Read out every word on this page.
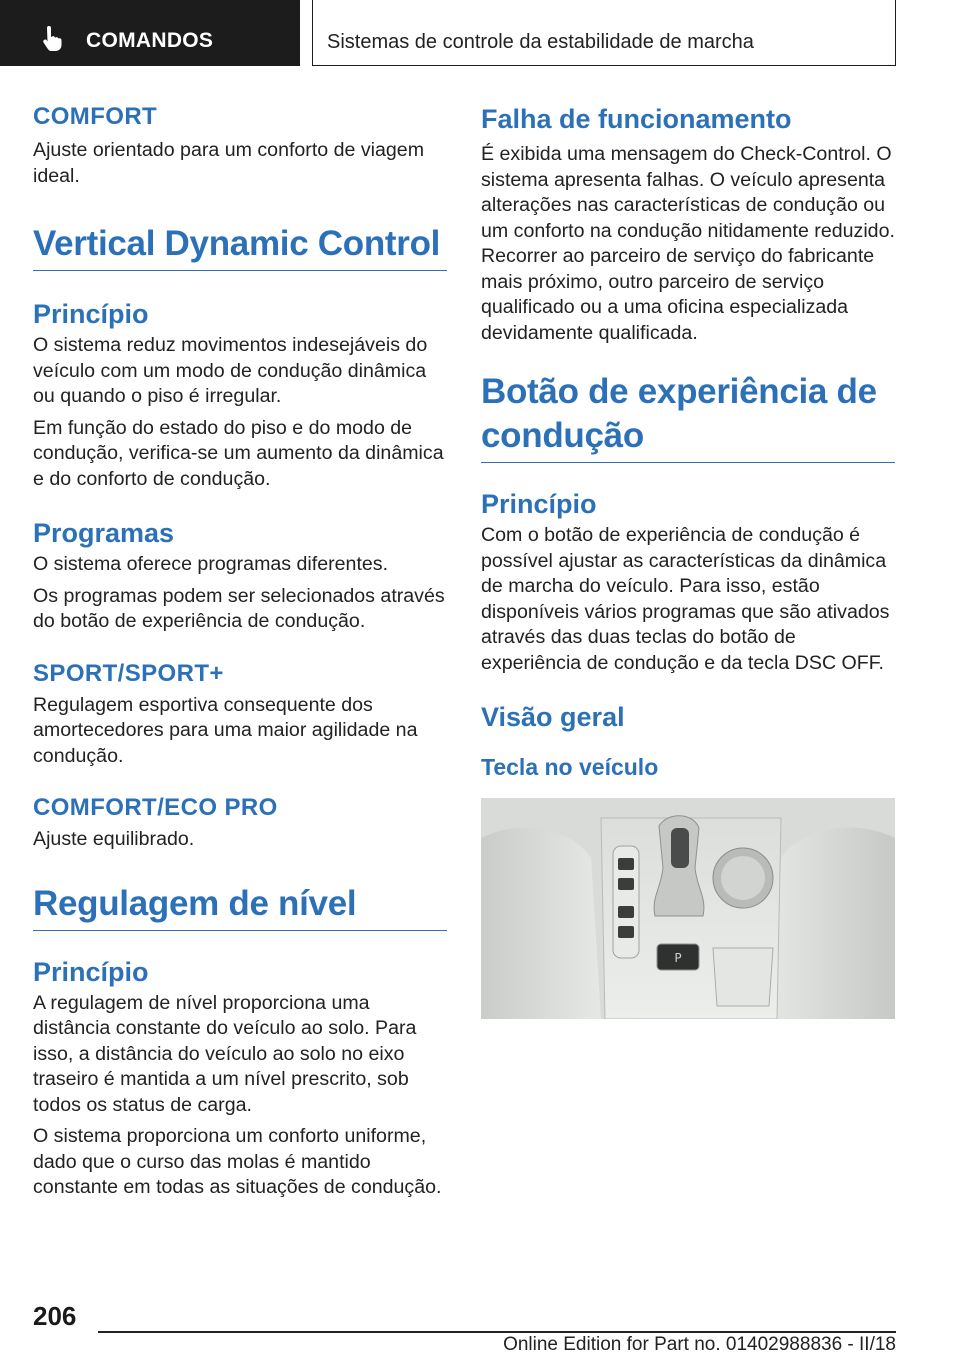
COMANDOS	Sistemas de controle da estabilidade de marcha
COMFORT
Ajuste orientado para um conforto de viagem ideal.
Vertical Dynamic Control
Princípio
O sistema reduz movimentos indesejáveis do veículo com um modo de condução dinâmica ou quando o piso é irregular.
Em função do estado do piso e do modo de condução, verifica-se um aumento da dinâmica e do conforto de condução.
Programas
O sistema oferece programas diferentes.
Os programas podem ser selecionados através do botão de experiência de condução.
SPORT/SPORT+
Regulagem esportiva consequente dos amortecedores para uma maior agilidade na condução.
COMFORT/ECO PRO
Ajuste equilibrado.
Regulagem de nível
Princípio
A regulagem de nível proporciona uma distância constante do veículo ao solo. Para isso, a distância do veículo ao solo no eixo traseiro é mantida a um nível prescrito, sob todos os status de carga.
O sistema proporciona um conforto uniforme, dado que o curso das molas é mantido constante em todas as situações de condução.
Falha de funcionamento
É exibida uma mensagem do Check-Control. O sistema apresenta falhas. O veículo apresenta alterações nas características de condução ou um conforto na condução nitidamente reduzido. Recorrer ao parceiro de serviço do fabricante mais próximo, outro parceiro de serviço qualificado ou a uma oficina especializada devidamente qualificada.
Botão de experiência de condução
Princípio
Com o botão de experiência de condução é possível ajustar as características da dinâmica de marcha do veículo. Para isso, estão disponíveis vários programas que são ativados através das duas teclas do botão de experiência de condução e da tecla DSC OFF.
Visão geral
Tecla no veículo
P
206
Online Edition for Part no. 01402988836 - II/18
